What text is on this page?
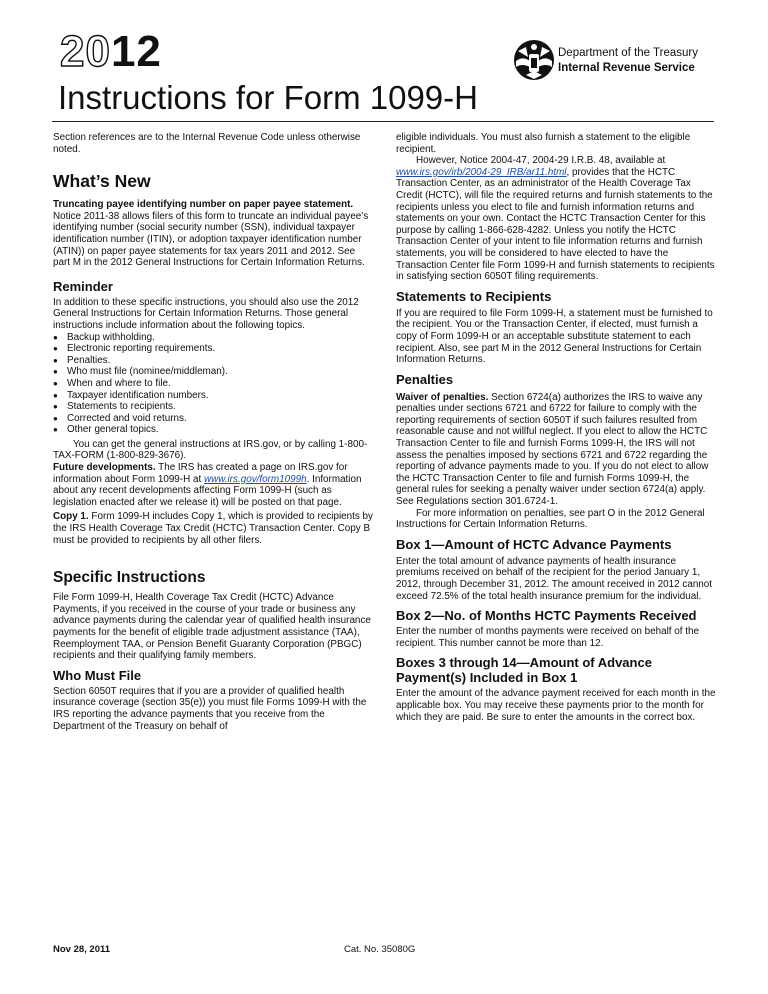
2012
Instructions for Form 1099-H
Department of the Treasury
Internal Revenue Service

Section references are to the Internal Revenue Code unless otherwise noted.

What’s New

Truncating payee identifying number on paper payee statement. Notice 2011-38 allows filers of this form to truncate an individual payee’s identifying number (social security number (SSN), individual taxpayer identification number (ITIN), or adoption taxpayer identification number (ATIN)) on paper payee statements for tax years 2011 and 2012. See part M in the 2012 General Instructions for Certain Information Returns.

Reminder

In addition to these specific instructions, you should also use the 2012 General Instructions for Certain Information Returns. Those general instructions include information about the following topics.

● Backup withholding.
● Electronic reporting requirements.
● Penalties.
● Who must file (nominee/middleman).
● When and where to file.
● Taxpayer identification numbers.
● Statements to recipients.
● Corrected and void returns.
● Other general topics.

You can get the general instructions at IRS.gov, or by calling 1-800-TAX-FORM (1-800-829-3676).

Future developments. The IRS has created a page on IRS.gov for information about Form 1099-H at www.irs.gov/form1099h. Information about any recent developments affecting Form 1099-H (such as legislation enacted after we release it) will be posted on that page.

Copy 1. Form 1099-H includes Copy 1, which is provided to recipients by the IRS Health Coverage Tax Credit (HCTC) Transaction Center. Copy B must be provided to recipients by all other filers.

Specific Instructions

File Form 1099-H, Health Coverage Tax Credit (HCTC) Advance Payments, if you received in the course of your trade or business any advance payments during the calendar year of qualified health insurance payments for the benefit of eligible trade adjustment assistance (TAA), Reemployment TAA, or Pension Benefit Guaranty Corporation (PBGC) recipients and their qualifying family members.

Who Must File

Section 6050T requires that if you are a provider of qualified health insurance coverage (section 35(e)) you must file Forms 1099-H with the IRS reporting the advance payments that you receive from the Department of the Treasury on behalf of

eligible individuals. You must also furnish a statement to the eligible recipient.

However, Notice 2004-47, 2004-29 I.R.B. 48, available at www.irs.gov/irb/2004-29_IRB/ar11.html, provides that the HCTC Transaction Center, as an administrator of the Health Coverage Tax Credit (HCTC), will file the required returns and furnish statements to the recipients unless you elect to file and furnish information returns and statements on your own. Contact the HCTC Transaction Center for this purpose by calling 1-866-628-4282. Unless you notify the HCTC Transaction Center of your intent to file information returns and furnish statements, you will be considered to have elected to have the Transaction Center file Form 1099-H and furnish statements to recipients in satisfying section 6050T filing requirements.

Statements to Recipients

If you are required to file Form 1099-H, a statement must be furnished to the recipient. You or the Transaction Center, if elected, must furnish a copy of Form 1099-H or an acceptable substitute statement to each recipient. Also, see part M in the 2012 General Instructions for Certain Information Returns.

Penalties

Waiver of penalties. Section 6724(a) authorizes the IRS to waive any penalties under sections 6721 and 6722 for failure to comply with the reporting requirements of section 6050T if such failures resulted from reasonable cause and not willful neglect. If you elect to allow the HCTC Transaction Center to file and furnish Forms 1099-H, the IRS will not assess the penalties imposed by sections 6721 and 6722 regarding the reporting of advance payments made to you. If you do not elect to allow the HCTC Transaction Center to file and furnish Forms 1099-H, the general rules for seeking a penalty waiver under section 6724(a) apply. See Regulations section 301.6724-1.

For more information on penalties, see part O in the 2012 General Instructions for Certain Information Returns.

Box 1—Amount of HCTC Advance Payments

Enter the total amount of advance payments of health insurance premiums received on behalf of the recipient for the period January 1, 2012, through December 31, 2012. The amount received in 2012 cannot exceed 72.5% of the total health insurance premium for the individual.

Box 2—No. of Months HCTC Payments Received

Enter the number of months payments were received on behalf of the recipient. This number cannot be more than 12.

Boxes 3 through 14—Amount of Advance Payment(s) Included in Box 1

Enter the amount of the advance payment received for each month in the applicable box. You may receive these payments prior to the month for which they are paid. Be sure to enter the amounts in the correct box.

Nov 28, 2011	Cat. No. 35080G
